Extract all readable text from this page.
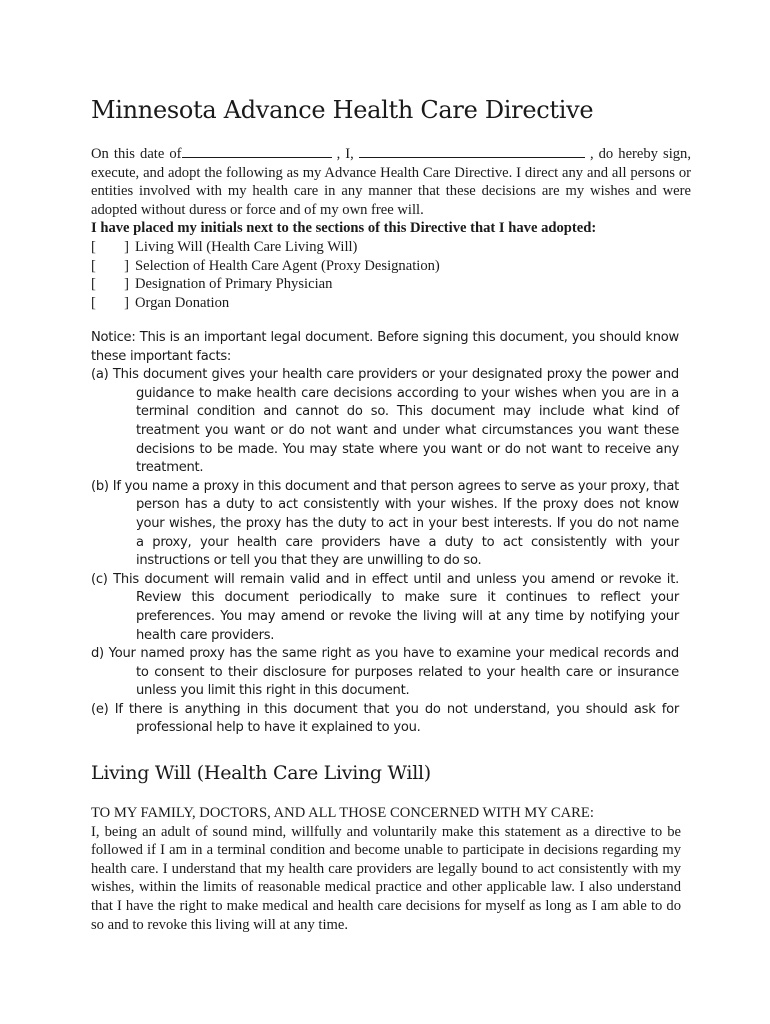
Minnesota Advance Health Care Directive

On this date of	, I,	, do hereby sign, execute, and adopt the following as my Advance Health Care Directive. I direct any and all persons or entities involved with my health care in any manner that these decisions are my wishes and were adopted without duress or force and of my own free will.

I have placed my initials next to the sections of this Directive that I have adopted:

[ ] Living Will (Health Care Living Will)
[ ] Selection of Health Care Agent (Proxy Designation)
[ ] Designation of Primary Physician
[ ] Organ Donation

Notice: This is an important legal document. Before signing this document, you should know these important facts:

(a) This document gives your health care providers or your designated proxy the power and guidance to make health care decisions according to your wishes when you are in a terminal condition and cannot do so. This document may include what kind of treatment you want or do not want and under what circumstances you want these decisions to be made. You may state where you want or do not want to receive any treatment.
(b) If you name a proxy in this document and that person agrees to serve as your proxy, that person has a duty to act consistently with your wishes. If the proxy does not know your wishes, the proxy has the duty to act in your best interests. If you do not name a proxy, your health care providers have a duty to act consistently with your instructions or tell you that they are unwilling to do so.
(c) This document will remain valid and in effect until and unless you amend or revoke it. Review this document periodically to make sure it continues to reflect your preferences. You may amend or revoke the living will at any time by notifying your health care providers.
d) Your named proxy has the same right as you have to examine your medical records and to consent to their disclosure for purposes related to your health care or insurance unless you limit this right in this document.
(e) If there is anything in this document that you do not understand, you should ask for professional help to have it explained to you.
Living Will (Health Care Living Will)

TO MY FAMILY, DOCTORS, AND ALL THOSE CONCERNED WITH MY CARE:

I, being an adult of sound mind, willfully and voluntarily make this statement as a directive to be followed if I am in a terminal condition and become unable to participate in decisions regarding my health care. I understand that my health care providers are legally bound to act consistently with my wishes, within the limits of reasonable medical practice and other applicable law. I also understand that I have the right to make medical and health care decisions for myself as long as I am able to do so and to revoke this living will at any time.
